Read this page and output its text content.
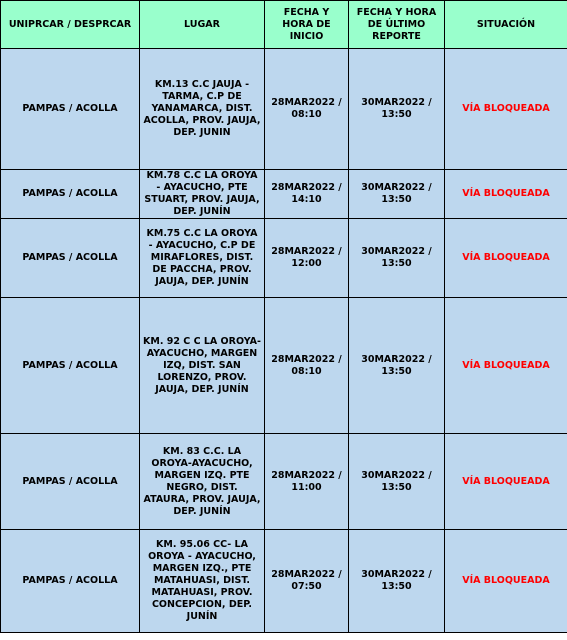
UNIPRCAR / DESPRCAR	LUGAR	FECHA Y HORA DE INICIO	FECHA Y HORA DE ÚLTIMO REPORTE	SITUACIÓN
PAMPAS / ACOLLA	KM.13 C.C JAUJA - TARMA, C.P DE YANAMARCA, DIST. ACOLLA, PROV. JAUJA, DEP. JUNIN	28MAR2022 / 08:10	30MAR2022 / 13:50	VÍA BLOQUEADA
PAMPAS / ACOLLA	KM.78 C.C LA OROYA - AYACUCHO, PTE STUART, PROV. JAUJA, DEP. JUNÍN	28MAR2022 / 14:10	30MAR2022 / 13:50	VÍA BLOQUEADA
PAMPAS / ACOLLA	KM.75 C.C LA OROYA - AYACUCHO, C.P DE MIRAFLORES, DIST. DE PACCHA, PROV. JAUJA, DEP. JUNÍN	28MAR2022 / 12:00	30MAR2022 / 13:50	VÍA BLOQUEADA
PAMPAS / ACOLLA	KM. 92 C C LA OROYA-AYACUCHO, MARGEN IZQ, DIST. SAN LORENZO, PROV. JAUJA, DEP. JUNÍN	28MAR2022 / 08:10	30MAR2022 / 13:50	VÍA BLOQUEADA
PAMPAS / ACOLLA	KM. 83 C.C. LA OROYA-AYACUCHO, MARGEN IZQ. PTE NEGRO, DIST. ATAURA, PROV. JAUJA, DEP. JUNÍN	28MAR2022 / 11:00	30MAR2022 / 13:50	VÍA BLOQUEADA
PAMPAS / ACOLLA	KM. 95.06 CC- LA OROYA - AYACUCHO, MARGEN IZQ., PTE MATAHUASI, DIST. MATAHUASI, PROV. CONCEPCION, DEP. JUNÍN	28MAR2022 / 07:50	30MAR2022 / 13:50	VÍA BLOQUEADA
